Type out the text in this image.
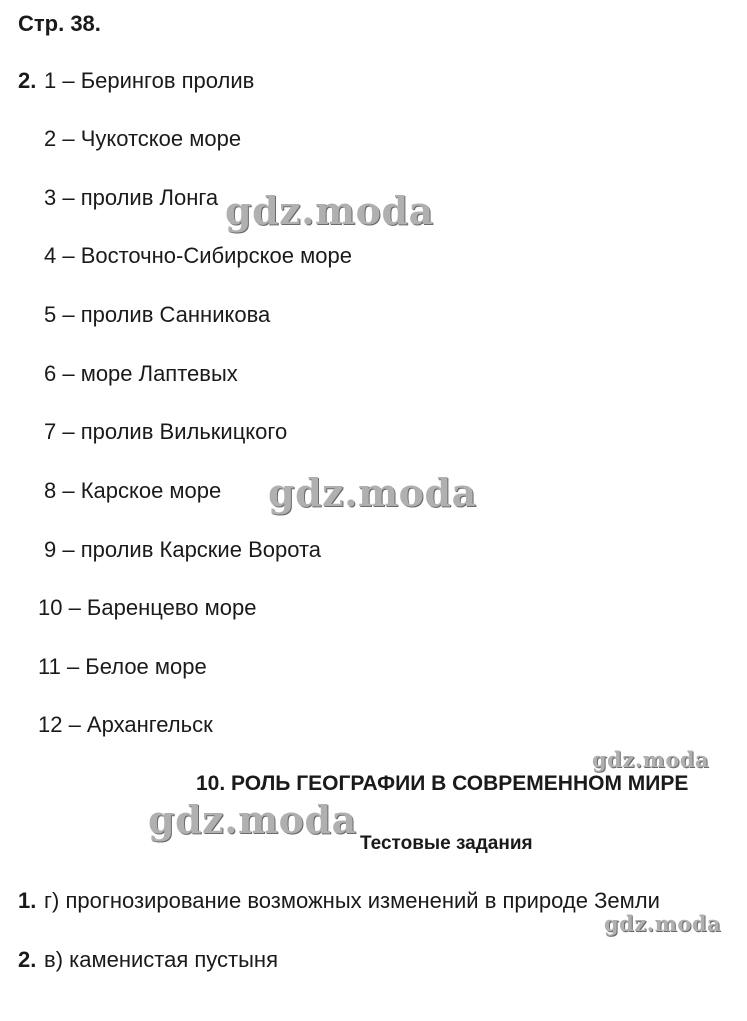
Стр. 38.
2. 1 – Берингов пролив
2 – Чукотское море
3 – пролив Лонга
4 – Восточно-Сибирское море
5 – пролив Санникова
6 – море Лаптевых
7 – пролив Вилькицкого
8 – Карское море
9 – пролив Карские Ворота
10 – Баренцево море
11 – Белое море
12 – Архангельск
10. РОЛЬ ГЕОГРАФИИ В СОВРЕМЕННОМ МИРЕ
Тестовые задания
1. г) прогнозирование возможных изменений в природе Земли
2. в) каменистая пустыня
gdz.moda
gdz.moda
gdz.moda
gdz.moda
gdz.moda
